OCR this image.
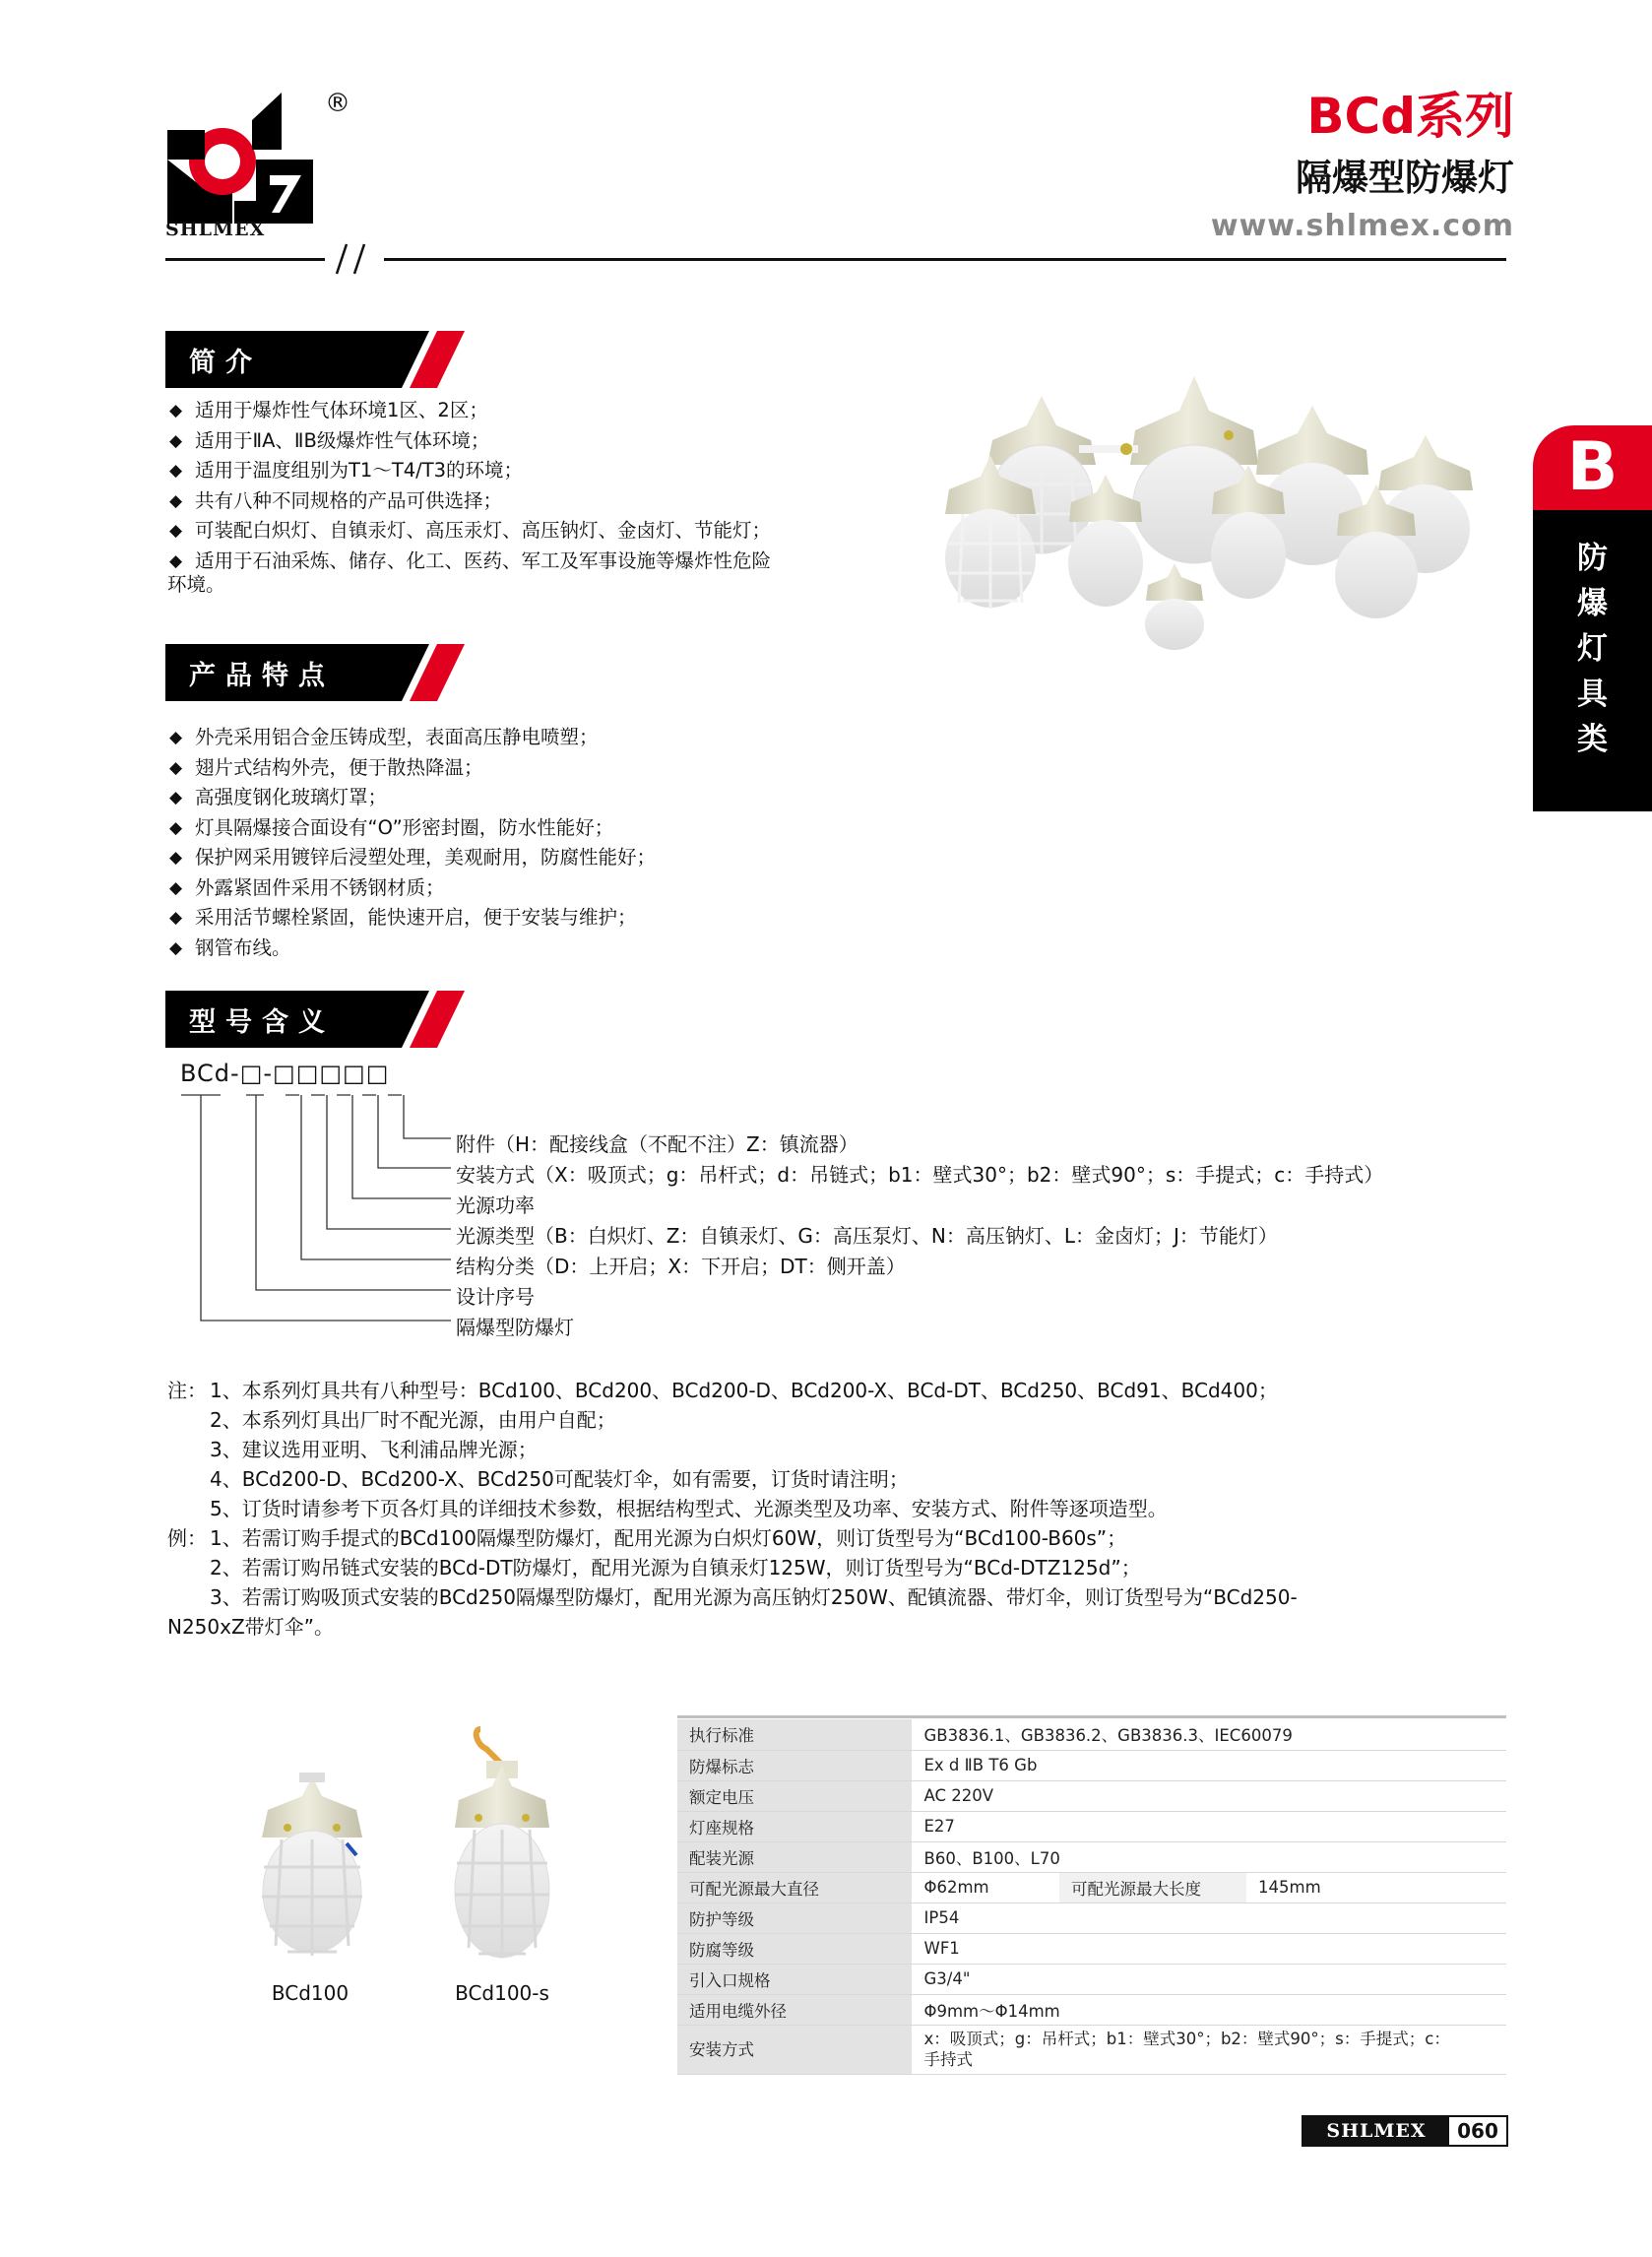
SHLMEX
®	BCd系列
隔爆型防爆灯
www.shlmex.com
B
防
爆
灯
具
类
简介
◆ 适用于爆炸性气体环境1区、2区；
◆ 适用于ⅡA、ⅡB级爆炸性气体环境；
◆ 适用于温度组别为T1～T4/T3的环境；
◆ 共有八种不同规格的产品可供选择；
◆ 可装配白炽灯、自镇汞灯、高压汞灯、高压钠灯、金卤灯、节能灯；
◆ 适用于石油采炼、储存、化工、医药、军工及军事设施等爆炸性危险
环境。
产品特点
◆ 外壳采用铝合金压铸成型，表面高压静电喷塑；
◆ 翅片式结构外壳，便于散热降温；
◆ 高强度钢化玻璃灯罩；
◆ 灯具隔爆接合面设有“O”形密封圈，防水性能好；
◆ 保护网采用镀锌后浸塑处理，美观耐用，防腐性能好；
◆ 外露紧固件采用不锈钢材质；
◆ 采用活节螺栓紧固，能快速开启，便于安装与维护；
◆ 钢管布线。
型号含义
BCd-□-□□□□□
附件（H：配接线盒（不配不注）Z：镇流器）
安装方式（X：吸顶式；g：吊杆式；d：吊链式；b1：壁式30°；b2：壁式90°；s：手提式；c：手持式）
光源功率
光源类型（B：白炽灯、Z：自镇汞灯、G：高压泵灯、N：高压钠灯、L：金卤灯；J：节能灯）
结构分类（D：上开启；X：下开启；DT：侧开盖）
设计序号
隔爆型防爆灯
注： 1、本系列灯具共有八种型号：BCd100、BCd200、BCd200-D、BCd200-X、BCd-DT、BCd250、BCd91、BCd400；
2、本系列灯具出厂时不配光源，由用户自配；
3、建议选用亚明、飞利浦品牌光源；
4、BCd200-D、BCd200-X、BCd250可配装灯伞，如有需要，订货时请注明；
5、订货时请参考下页各灯具的详细技术参数，根据结构型式、光源类型及功率、安装方式、附件等逐项造型。
例： 1、若需订购手提式的BCd100隔爆型防爆灯，配用光源为白炽灯60W，则订货型号为“BCd100-B60s”；
2、若需订购吊链式安装的BCd-DT防爆灯，配用光源为自镇汞灯125W，则订货型号为“BCd-DTZ125d”；
3、若需订购吸顶式安装的BCd250隔爆型防爆灯，配用光源为高压钠灯250W、配镇流器、带灯伞，则订货型号为“BCd250-
N250xZ带灯伞”。
BCd100	BCd100-s
执行标准	GB3836.1、GB3836.2、GB3836.3、IEC60079		
防爆标志	Ex d ⅡB T6 Gb		
额定电压	AC 220V		
灯座规格	E27		
配装光源	B60、B100、L70		
可配光源最大直径	Φ62mm	可配光源最大长度	145mm
防护等级	IP54		
防腐等级	WF1		
引入口规格	G3/4"		
适用电缆外径	Φ9mm～Φ14mm		
安装方式	x：吸顶式；g：吊杆式；b1：壁式30°；b2：壁式90°；s：手提式；c：
手持式		
SHLMEX	060
